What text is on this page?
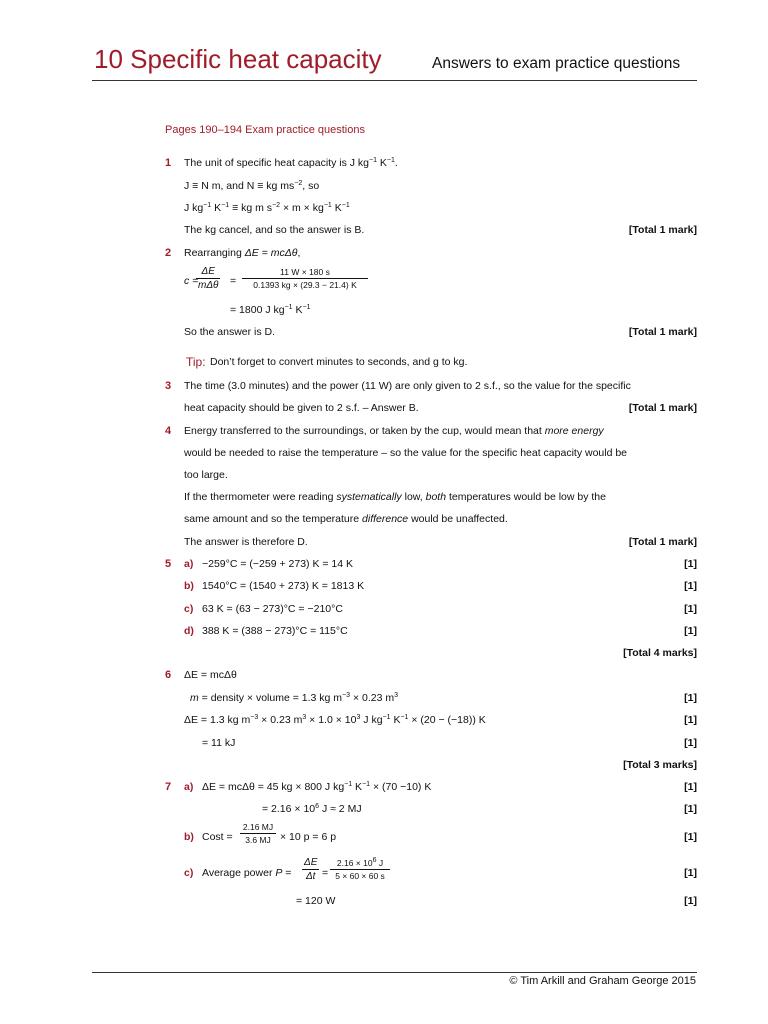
10 Specific heat capacity	Answers to exam practice questions
Pages 190–194 Exam practice questions
1 The unit of specific heat capacity is J $kg^{-1}$ $K^{-1}$.
J ≡ N m, and N ≡ kg $ms^{-2}$, so
J $kg^{-1}$ $K^{-1}$ ≡ kg m $s^{-2} \times m \times kg^{-1}$ $K^{-1}$
The kg cancel, and so the answer is B.	[Total 1 mark]
2 Rearranging ΔE = mcΔθ,
c =
ΔE
$m\Delta\theta = \frac{11 W \times 180 s}{0.1393 kg \times (29.3 - 21.4) K}$
= 1800 J $kg^{-1}$ $K^{-1}$
So the answer is D.	[Total 1 mark]
Tip: Don’t forget to convert minutes to seconds, and g to kg.
3 The time (3.0 minutes) and the power (11 W) are only given to 2 s.f., so the value for the specific
heat capacity should be given to 2 s.f. – Answer B.	[Total 1 mark]
4 Energy transferred to the surroundings, or taken by the cup, would mean that more energy
would be needed to raise the temperature – so the value for the specific heat capacity would be
too large.
If the thermometer were reading systematically low, both temperatures would be low by the
same amount and so the temperature difference would be unaffected.
The answer is therefore D.	[Total 1 mark]
5 a) −259°C = (−259 + 273) K = 14 K	[1]
b) 1540°C = (1540 + 273) K = 1813 K	[1]
c) 63 K = (63 − 273)°C = −210°C	[1]
d) 388 K = (388 − 273)°C = 115°C	[1]
[Total 4 marks]
6 ΔE = mcΔθ
m = density × volume = 1.3 kg $m^{-3} \times 0.23$ $m^3$	[1]
ΔE = 1.3 kg $m^{-3} \times 0.23$ $m^3 \times 1.0 \times 10^3$ J $kg^{-1}$ $K^{-1} \times (20 - (-18))$ K	[1]
= 11 kJ	[1]
[Total 3 marks]
7 a) ΔE = mcΔθ = 45 kg × 800 J $kg^{-1}$ $K^{-1} \times (70 -10)$ K	[1]
= $2.16 \times 10^6$ J ≈ 2 MJ	[1]
b) Cost =	× 10 p = 6 p	[1]
$\frac{2.16 MJ}{3.6 MJ}$
c) Average power P =	=	[1]
$\frac{\Delta E}{\Delta t} \frac{2.16 \times 10^6 J}{5 \times 60 \times 60 s}$
= 120 W	[1]
© Tim Arkill and Graham George 2015
